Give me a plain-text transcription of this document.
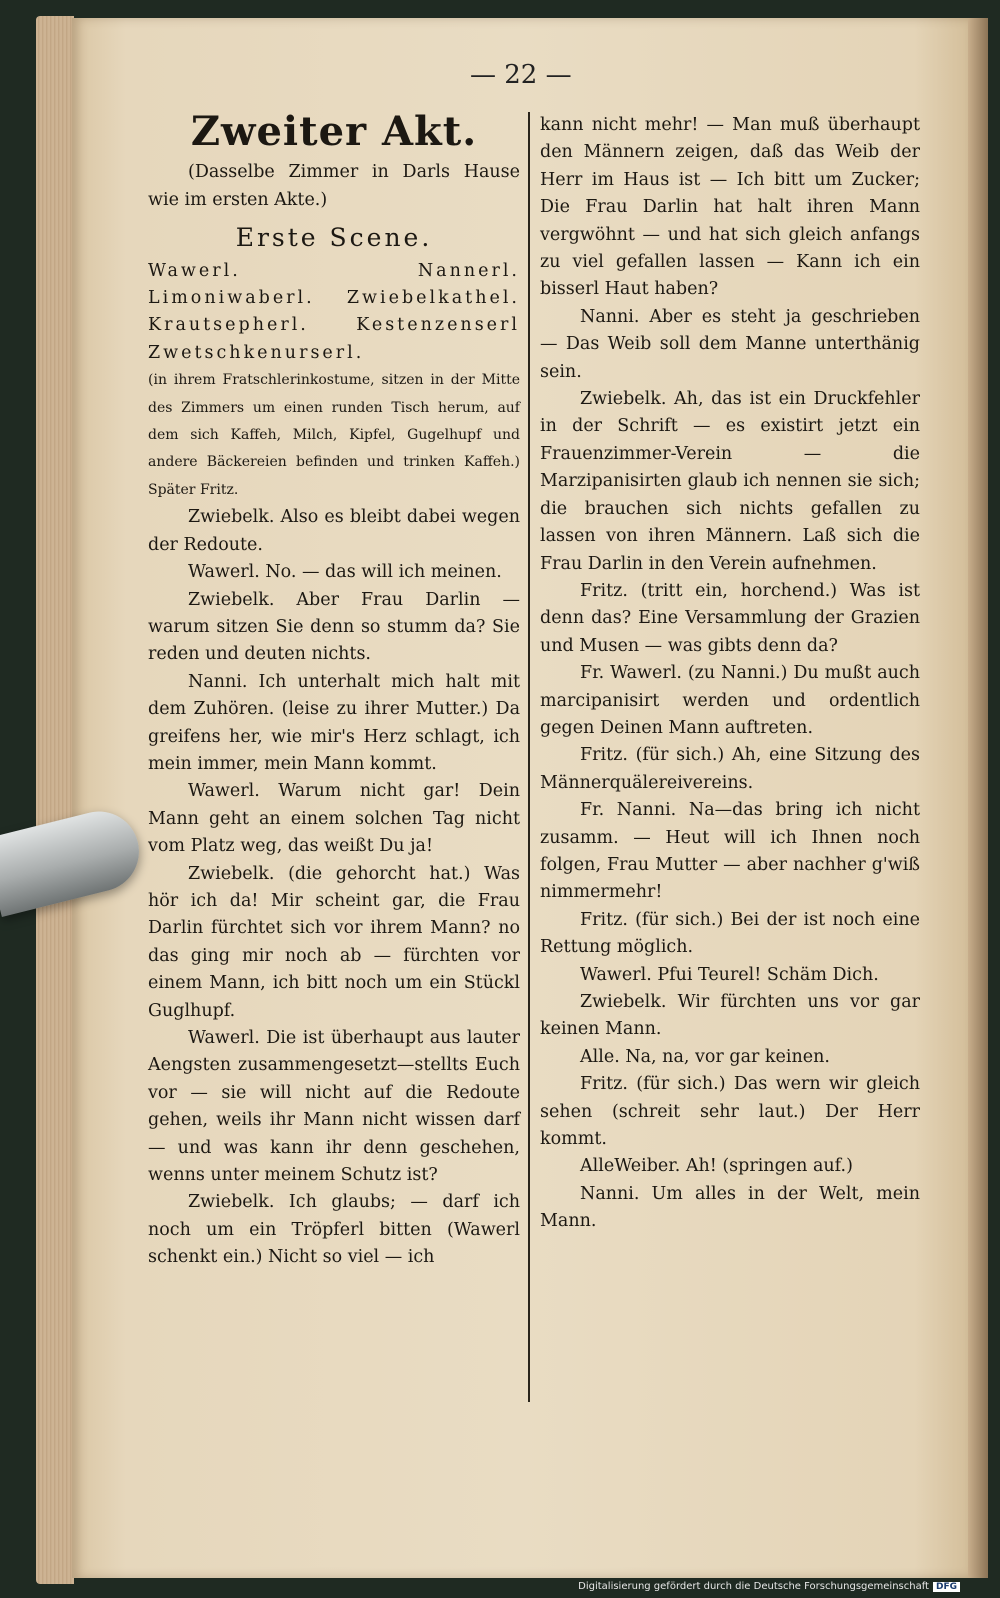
— 22 —
Zweiter Akt.

(Dasselbe Zimmer in Darls Hause wie im ersten Akte.)

Erste Scene.

Wawerl. Nannerl. Limoniwaberl. Zwiebelkathel. Krautsepherl. Kestenzenserl Zwetschkenurserl.

(in ihrem Fratschlerinkostume, sitzen in der Mitte des Zimmers um einen runden Tisch herum, auf dem sich Kaffeh, Milch, Kipfel, Gugelhupf und andere Bäckereien befinden und trinken Kaffeh.) Später Fritz.

Zwiebelk. Also es bleibt dabei wegen der Redoute.

Wawerl. No. — das will ich meinen.

Zwiebelk. Aber Frau Darlin — warum sitzen Sie denn so stumm da? Sie reden und deuten nichts.

Nanni. Ich unterhalt mich halt mit dem Zuhören. (leise zu ihrer Mutter.) Da greifens her, wie mir's Herz schlagt, ich mein immer, mein Mann kommt.

Wawerl. Warum nicht gar! Dein Mann geht an einem solchen Tag nicht vom Platz weg, das weißt Du ja!

Zwiebelk. (die gehorcht hat.) Was hör ich da! Mir scheint gar, die Frau Darlin fürchtet sich vor ihrem Mann? no das ging mir noch ab — fürchten vor einem Mann, ich bitt noch um ein Stückl Guglhupf.

Wawerl. Die ist überhaupt aus lauter Aengsten zusammengesetzt—stellts Euch vor — sie will nicht auf die Redoute gehen, weils ihr Mann nicht wissen darf — und was kann ihr denn geschehen, wenns unter meinem Schutz ist?

Zwiebelk. Ich glaubs; — darf ich noch um ein Tröpferl bitten (Wawerl schenkt ein.) Nicht so viel — ich

kann nicht mehr! — Man muß überhaupt den Männern zeigen, daß das Weib der Herr im Haus ist — Ich bitt um Zucker; Die Frau Darlin hat halt ihren Mann vergwöhnt — und hat sich gleich anfangs zu viel gefallen lassen — Kann ich ein bisserl Haut haben?

Nanni. Aber es steht ja geschrieben — Das Weib soll dem Manne unterthänig sein.

Zwiebelk. Ah, das ist ein Druckfehler in der Schrift — es existirt jetzt ein Frauenzimmer-Verein — die Marzipanisirten glaub ich nennen sie sich; die brauchen sich nichts gefallen zu lassen von ihren Männern. Laß sich die Frau Darlin in den Verein aufnehmen.

Fritz. (tritt ein, horchend.) Was ist denn das? Eine Versammlung der Grazien und Musen — was gibts denn da?

Fr. Wawerl. (zu Nanni.) Du mußt auch marcipanisirt werden und ordentlich gegen Deinen Mann auftreten.

Fritz. (für sich.) Ah, eine Sitzung des Männerquälereivereins.

Fr. Nanni. Na—das bring ich nicht zusamm. — Heut will ich Ihnen noch folgen, Frau Mutter — aber nachher g'wiß nimmermehr!

Fritz. (für sich.) Bei der ist noch eine Rettung möglich.

Wawerl. Pfui Teurel! Schäm Dich.

Zwiebelk. Wir fürchten uns vor gar keinen Mann.

Alle. Na, na, vor gar keinen.

Fritz. (für sich.) Das wern wir gleich sehen (schreit sehr laut.) Der Herr kommt.

AlleWeiber. Ah! (springen auf.)

Nanni. Um alles in der Welt, mein Mann.

Digitalisierung gefördert durch die Deutsche Forschungsgemeinschaft DFG
